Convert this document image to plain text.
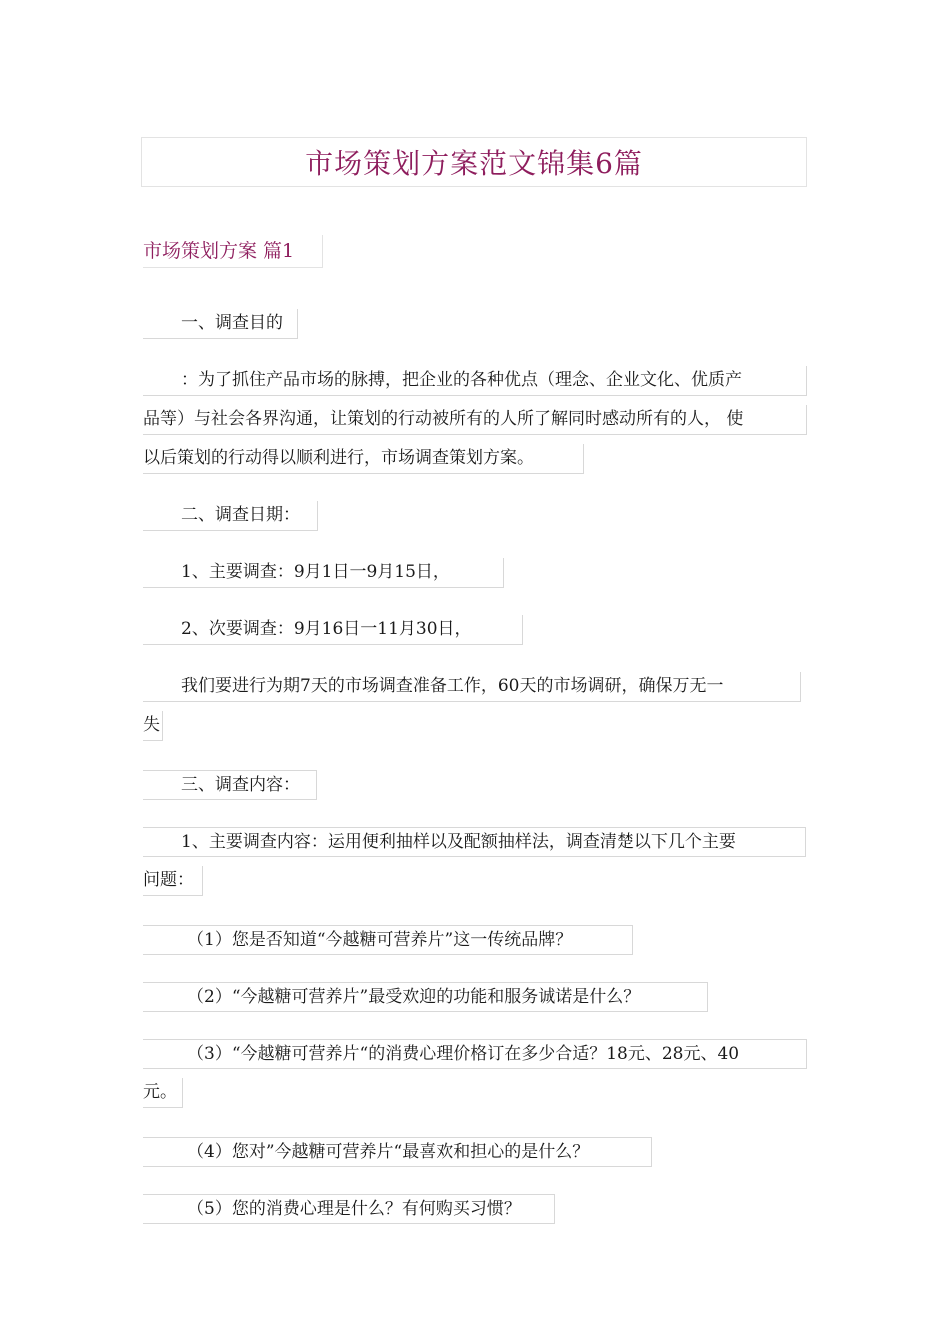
市场策划方案范文锦集6篇
市场策划方案 篇1
一、调查目的
：为了抓住产品市场的脉搏，把企业的各种优点（理念、企业文化、优质产
品等）与社会各界沟通，让策划的行动被所有的人所了解同时感动所有的人， 使
以后策划的行动得以顺利进行，市场调查策划方案。
二、调查日期：
1、主要调查：9月1日一9月15日，
2、次要调查：9月16日一11月30日，
我们要进行为期7天的市场调查准备工作，60天的市场调研，确保万无一
失
三、调查内容：
1、主要调查内容：运用便利抽样以及配额抽样法，调查清楚以下几个主要
问题：
（1）您是否知道“今越糖可营养片”这一传统品牌？
（2）“今越糖可营养片”最受欢迎的功能和服务诚诺是什么？
（3）“今越糖可营养片“的消费心理价格订在多少合适？18元、28元、40
元。
（4）您对”今越糖可营养片“最喜欢和担心的是什么？
（5）您的消费心理是什么？有何购买习惯？
